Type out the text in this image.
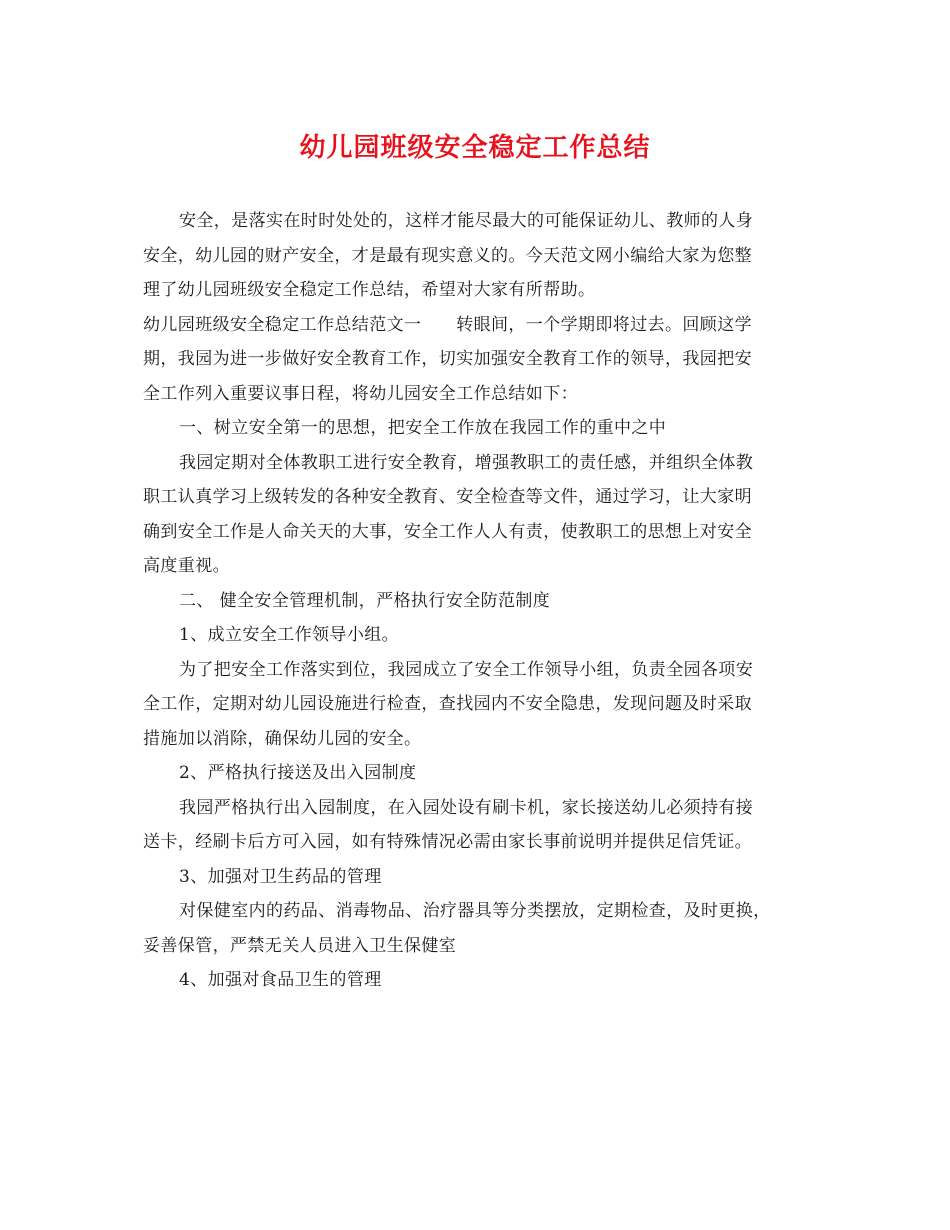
幼儿园班级安全稳定工作总结

安全，是落实在时时处处的，这样才能尽最大的可能保证幼儿、教师的人身
安全，幼儿园的财产安全，才是最有现实意义的。今天范文网小编给大家为您整
理了幼儿园班级安全稳定工作总结，希望对大家有所帮助。

幼儿园班级安全稳定工作总结范文一　　转眼间，一个学期即将过去。回顾这学
期，我园为进一步做好安全教育工作，切实加强安全教育工作的领导，我园把安
全工作列入重要议事日程，将幼儿园安全工作总结如下：

一、树立安全第一的思想，把安全工作放在我园工作的重中之中

我园定期对全体教职工进行安全教育，增强教职工的责任感，并组织全体教
职工认真学习上级转发的各种安全教育、安全检查等文件，通过学习，让大家明
确到安全工作是人命关天的大事，安全工作人人有责，使教职工的思想上对安全
高度重视。

二、 健全安全管理机制，严格执行安全防范制度

1、成立安全工作领导小组。

为了把安全工作落实到位，我园成立了安全工作领导小组，负责全园各项安
全工作，定期对幼儿园设施进行检查，查找园内不安全隐患，发现问题及时采取
措施加以消除，确保幼儿园的安全。

2、严格执行接送及出入园制度

我园严格执行出入园制度，在入园处设有刷卡机，家长接送幼儿必须持有接
送卡，经刷卡后方可入园，如有特殊情况必需由家长事前说明并提供足信凭证。

3、加强对卫生药品的管理

对保健室内的药品、消毒物品、治疗器具等分类摆放，定期检查，及时更换，
妥善保管，严禁无关人员进入卫生保健室

4、加强对食品卫生的管理
